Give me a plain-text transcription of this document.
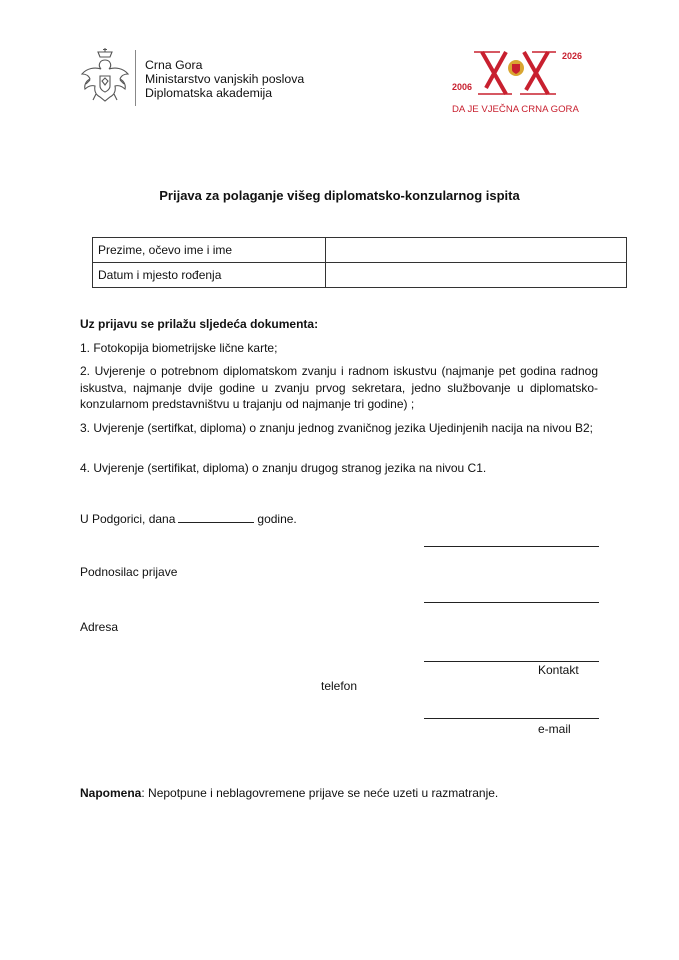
Crna Gora
Ministarstvo vanjskih poslova
Diplomatska akademija	2006
2026
DA JE VJEČNA CRNA GORA
Prijava za polaganje višeg diplomatsko-konzularnog ispita
Prezime, očevo ime i ime	
Datum i mjesto rođenja	
Uz prijavu se prilažu sljedeća dokumenta:
1. Fotokopija biometrijske lične karte;
2. Uvjerenje o potrebnom diplomatskom zvanju i radnom iskustvu (najmanje pet godina radnog iskustva, najmanje dvije godine u zvanju prvog sekretara, jedno službovanje u diplomatsko-konzularnom predstavništvu u trajanju od najmanje tri godine) ;
3. Uvjerenje (sertifkat, diploma) o znanju jednog zvaničnog jezika Ujedinjenih nacija na nivou B2;
4. Uvjerenje (sertifikat, diploma) o znanju drugog stranog jezika na nivou C1.
U Podgorici, dana	godine.
Podnosilac prijave
Adresa
Kontakt
telefon
e-mail
Napomena: Nepotpune i neblagovremene prijave se neće uzeti u razmatranje.
